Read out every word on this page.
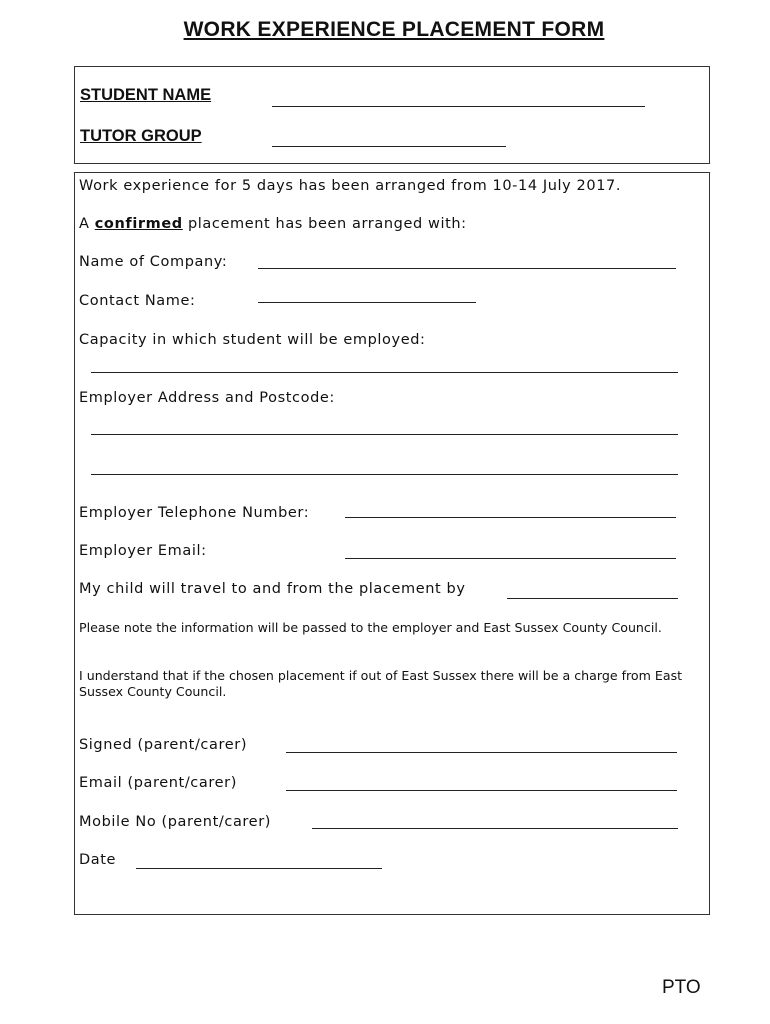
WORK EXPERIENCE PLACEMENT FORM
STUDENT NAME
TUTOR GROUP
Work experience for 5 days has been arranged from 10-14 July 2017.
A confirmed placement has been arranged with:
Name of Company:
Contact Name:
Capacity in which student will be employed:
Employer Address and Postcode:
Employer Telephone Number:
Employer Email:
My child will travel to and from the placement by
Please note the information will be passed to the employer and East Sussex County Council.
I understand that if the chosen placement if out of East Sussex there will be a charge from East Sussex County Council.
Signed (parent/carer)
Email (parent/carer)
Mobile No (parent/carer)
Date
PTO
